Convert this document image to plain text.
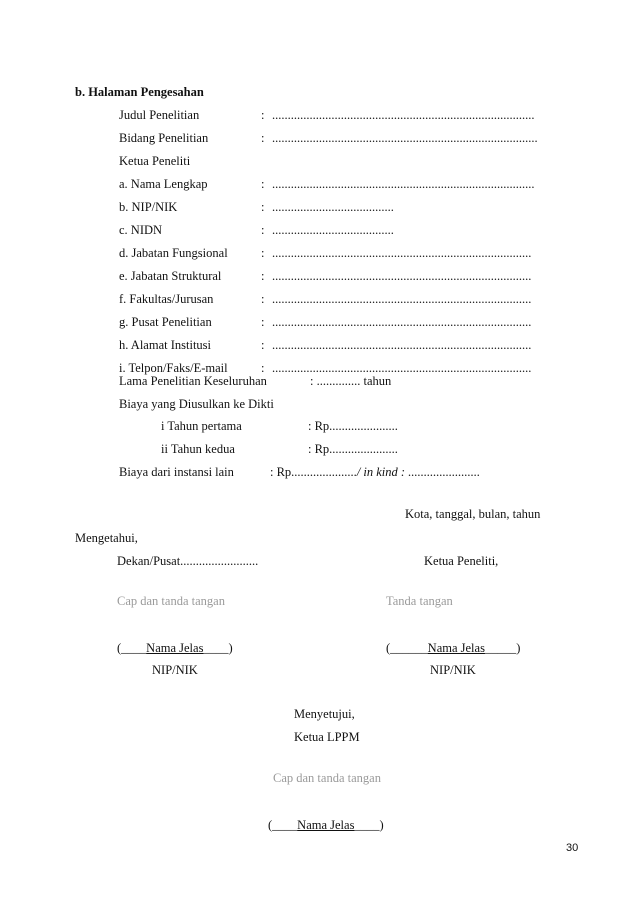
b. Halaman Pengesahan
Judul Penelitian	: ....................................................................................
Bidang Penelitian	: .....................................................................................
Ketua Peneliti
a. Nama Lengkap	: ....................................................................................
b. NIP/NIK	: .......................................
c. NIDN	: .......................................
d. Jabatan Fungsional	: ...................................................................................
e. Jabatan Struktural	: ...................................................................................
f. Fakultas/Jurusan	: ...................................................................................
g. Pusat Penelitian	: ...................................................................................
h. Alamat Institusi	: ...................................................................................
i. Telpon/Faks/E-mail	: ...................................................................................
Lama Penelitian Keseluruhan	: .............. tahun
Biaya yang Diusulkan ke Dikti
i Tahun pertama	: Rp......................
ii Tahun kedua	: Rp......................
Biaya dari instansi lain	: Rp...................../ in kind : .......................
Kota, tanggal, bulan, tahun
Mengetahui,
Dekan/Pusat.........................	Ketua Peneliti,
Cap dan tanda tangan	Tanda tangan
(____Nama Jelas____)	(______Nama Jelas_____)
NIP/NIK	NIP/NIK
Menyetujui,
Ketua LPPM
Cap dan tanda tangan
(____Nama Jelas____)
30
